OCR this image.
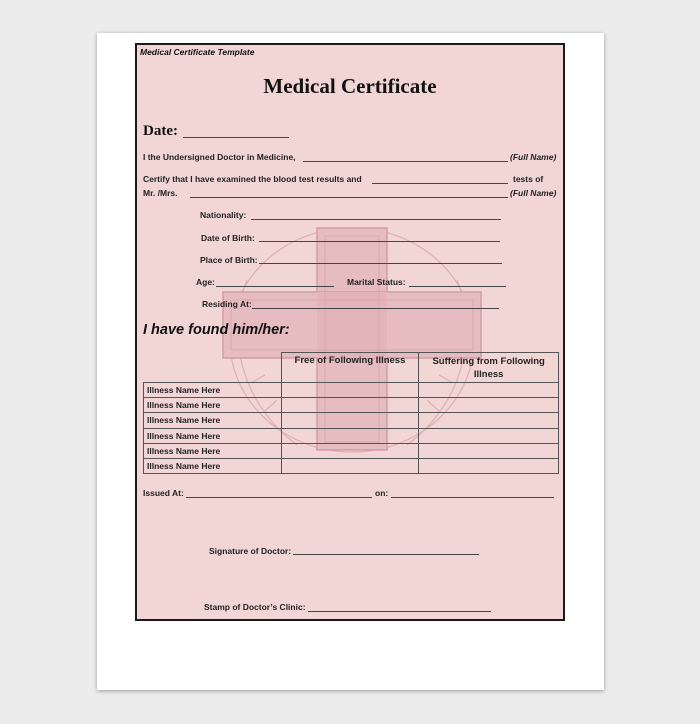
Medical Certificate Template
Medical Certificate
Date:
I the Undersigned Doctor in Medicine,	(Full Name)
Certify that I have examined the blood test results and	tests of
Mr. /Mrs.	(Full Name)
Nationality:
Date of Birth:
Place of Birth:
Age:	Marital Status:
Residing At:
I have found him/her:
	Free of Following Illness	Suffering from Following Illness
Illness Name Here		
Illness Name Here		
Illness Name Here		
Illness Name Here		
Illness Name Here		
Illness Name Here		
Issued At:	on:
Signature of Doctor:
Stamp of Doctor’s Clinic:
